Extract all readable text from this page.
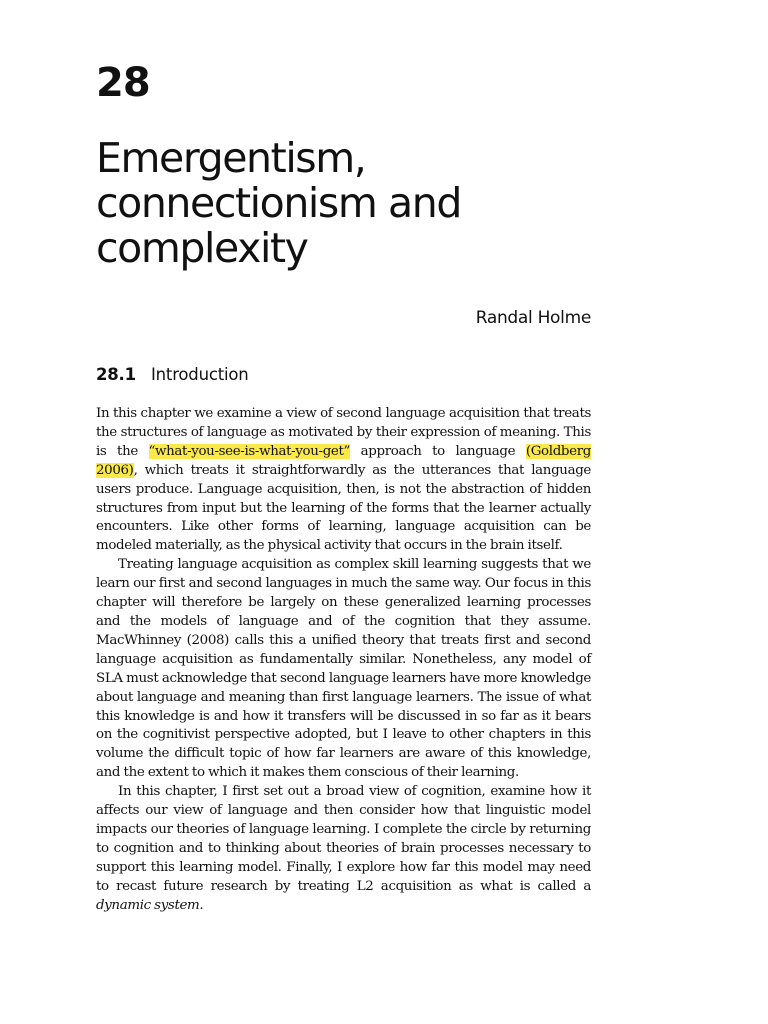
28
Emergentism,
connectionism and
complexity
Randal Holme
28.1 Introduction

In this chapter we examine a view of second language acquisition that treats the structures of language as motivated by their expression of meaning. This is the “what-you-see-is-what-you-get” approach to language (Goldberg 2006), which treats it straightforwardly as the utterances that language users produce. Language acquisition, then, is not the abstraction of hidden structures from input but the learning of the forms that the learner actually encounters. Like other forms of learning, language acquisition can be modeled materially, as the physical activity that occurs in the brain itself.

Treating language acquisition as complex skill learning suggests that we learn our first and second languages in much the same way. Our focus in this chapter will therefore be largely on these generalized learning processes and the models of language and of the cognition that they assume. MacWhinney (2008) calls this a unified theory that treats first and second language acquisition as fundamentally similar. Nonetheless, any model of SLA must acknowledge that second language learners have more knowledge about language and meaning than first language learners. The issue of what this knowledge is and how it transfers will be discussed in so far as it bears on the cognitivist perspective adopted, but I leave to other chapters in this volume the difficult topic of how far learners are aware of this knowledge, and the extent to which it makes them conscious of their learning.

In this chapter, I first set out a broad view of cognition, examine how it affects our view of language and then consider how that linguistic model impacts our theories of language learning. I complete the circle by returning to cognition and to thinking about theories of brain processes necessary to support this learning model. Finally, I explore how far this model may need to recast future research by treating L2 acquisition as what is called a dynamic system.
